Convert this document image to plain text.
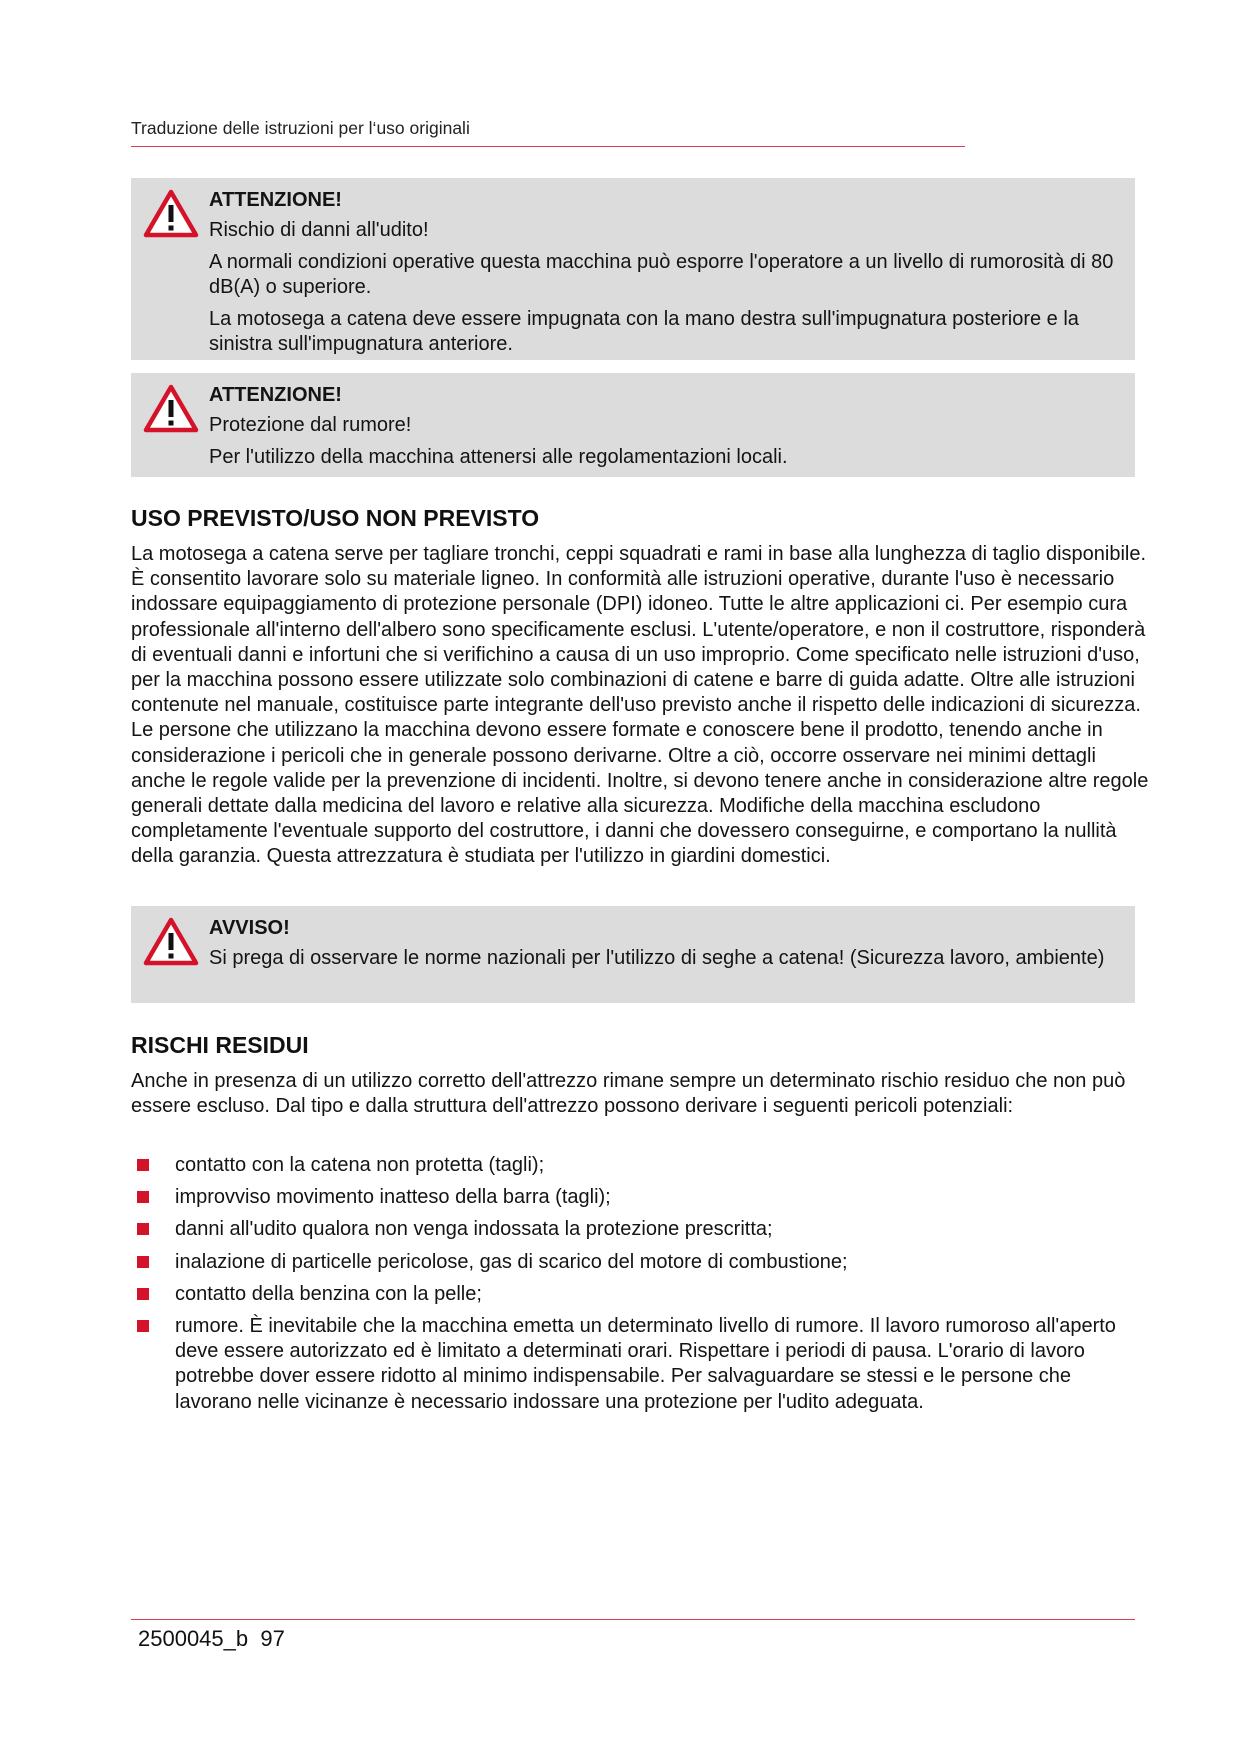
Traduzione delle istruzioni per l‘uso originali

ATTENZIONE!

Rischio di danni all'udito!

A normali condizioni operative questa macchina può esporre l'operatore a un livello di rumorosità di 80 dB(A) o superiore.

La motosega a catena deve essere impugnata con la mano destra sull'impugnatura posteriore e la sinistra sull'impugnatura anteriore.

ATTENZIONE!

Protezione dal rumore!

Per l'utilizzo della macchina attenersi alle regolamentazioni locali.

USO PREVISTO/USO NON PREVISTO

La motosega a catena serve per tagliare tronchi, ceppi squadrati e rami in base alla lunghezza di taglio disponibile. È consentito lavorare solo su materiale ligneo. In conformità alle istruzioni operative, durante l'uso è necessario indossare equipaggiamento di protezione personale (DPI) idoneo. Tutte le altre applicazioni ci. Per esempio cura professionale all'interno dell'albero sono specificamente esclusi. L'utente/operatore, e non il costruttore, risponderà di eventuali danni e infortuni che si verifichino a causa di un uso improprio. Come specificato nelle istruzioni d'uso, per la macchina possono essere utilizzate solo combinazioni di catene e barre di guida adatte. Oltre alle istruzioni contenute nel manuale, costituisce parte integrante dell'uso previsto anche il rispetto delle indicazioni di sicurezza. Le persone che utilizzano la macchina devono essere formate e conoscere bene il prodotto, tenendo anche in considerazione i pericoli che in generale possono derivarne. Oltre a ciò, occorre osservare nei minimi dettagli anche le regole valide per la prevenzione di incidenti. Inoltre, si devono tenere anche in considerazione altre regole generali dettate dalla medicina del lavoro e relative alla sicurezza. Modifiche della macchina escludono completamente l'eventuale supporto del costruttore, i danni che dovessero conseguirne, e comportano la nullità della garanzia. Questa attrezzatura è studiata per l'utilizzo in giardini domestici.

AVVISO!

Si prega di osservare le norme nazionali per l'utilizzo di seghe a catena! (Sicurezza lavoro, ambiente)

RISCHI RESIDUI

Anche in presenza di un utilizzo corretto dell'attrezzo rimane sempre un determinato rischio residuo che non può essere escluso. Dal tipo e dalla struttura dell'attrezzo possono derivare i seguenti pericoli potenziali:

contatto con la catena non protetta (tagli);
improvviso movimento inatteso della barra (tagli);
danni all'udito qualora non venga indossata la protezione prescritta;
inalazione di particelle pericolose, gas di scarico del motore di combustione;
contatto della benzina con la pelle;
rumore. È inevitabile che la macchina emetta un determinato livello di rumore. Il lavoro rumoroso all'aperto deve essere autorizzato ed è limitato a determinati orari. Rispettare i periodi di pausa. L'orario di lavoro potrebbe dover essere ridotto al minimo indispensabile. Per salvaguardare se stessi e le persone che lavorano nelle vicinanze è necessario indossare una protezione per l'udito adeguata.
2500045_b 97
